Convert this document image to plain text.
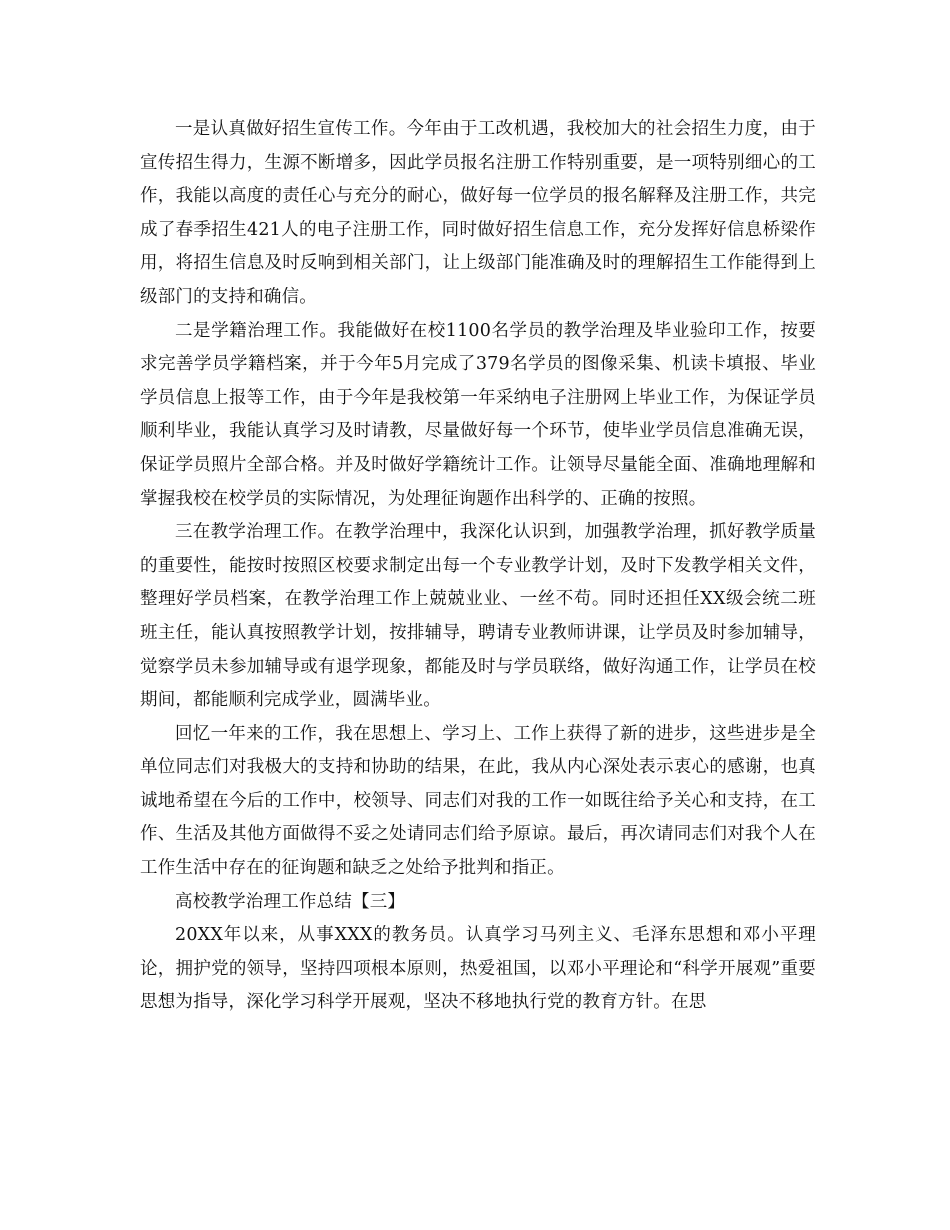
一是认真做好招生宣传工作。今年由于工改机遇，我校加大的社会招生力度，由于宣传招生得力，生源不断增多，因此学员报名注册工作特别重要，是一项特别细心的工作，我能以高度的责任心与充分的耐心，做好每一位学员的报名解释及注册工作，共完成了春季招生421人的电子注册工作，同时做好招生信息工作，充分发挥好信息桥梁作用，将招生信息及时反响到相关部门，让上级部门能准确及时的理解招生工作能得到上级部门的支持和确信。

二是学籍治理工作。我能做好在校1100名学员的教学治理及毕业验印工作，按要求完善学员学籍档案，并于今年5月完成了379名学员的图像采集、机读卡填报、毕业学员信息上报等工作，由于今年是我校第一年采纳电子注册网上毕业工作，为保证学员顺利毕业，我能认真学习及时请教，尽量做好每一个环节，使毕业学员信息准确无误，保证学员照片全部合格。并及时做好学籍统计工作。让领导尽量能全面、准确地理解和掌握我校在校学员的实际情况，为处理征询题作出科学的、正确的按照。

三在教学治理工作。在教学治理中，我深化认识到，加强教学治理，抓好教学质量的重要性，能按时按照区校要求制定出每一个专业教学计划，及时下发教学相关文件，整理好学员档案，在教学治理工作上兢兢业业、一丝不苟。同时还担任XX级会统二班班主任，能认真按照教学计划，按排辅导，聘请专业教师讲课，让学员及时参加辅导，觉察学员未参加辅导或有退学现象，都能及时与学员联络，做好沟通工作，让学员在校期间，都能顺利完成学业，圆满毕业。

回忆一年来的工作，我在思想上、学习上、工作上获得了新的进步，这些进步是全单位同志们对我极大的支持和协助的结果，在此，我从内心深处表示衷心的感谢，也真诚地希望在今后的工作中，校领导、同志们对我的工作一如既往给予关心和支持，在工作、生活及其他方面做得不妥之处请同志们给予原谅。最后，再次请同志们对我个人在工作生活中存在的征询题和缺乏之处给予批判和指正。

高校教学治理工作总结【三】

20XX年以来，从事XXX的教务员。认真学习马列主义、毛泽东思想和邓小平理论，拥护党的领导，坚持四项根本原则，热爱祖国，以邓小平理论和“科学开展观”重要思想为指导，深化学习科学开展观，坚决不移地执行党的教育方针。在思
